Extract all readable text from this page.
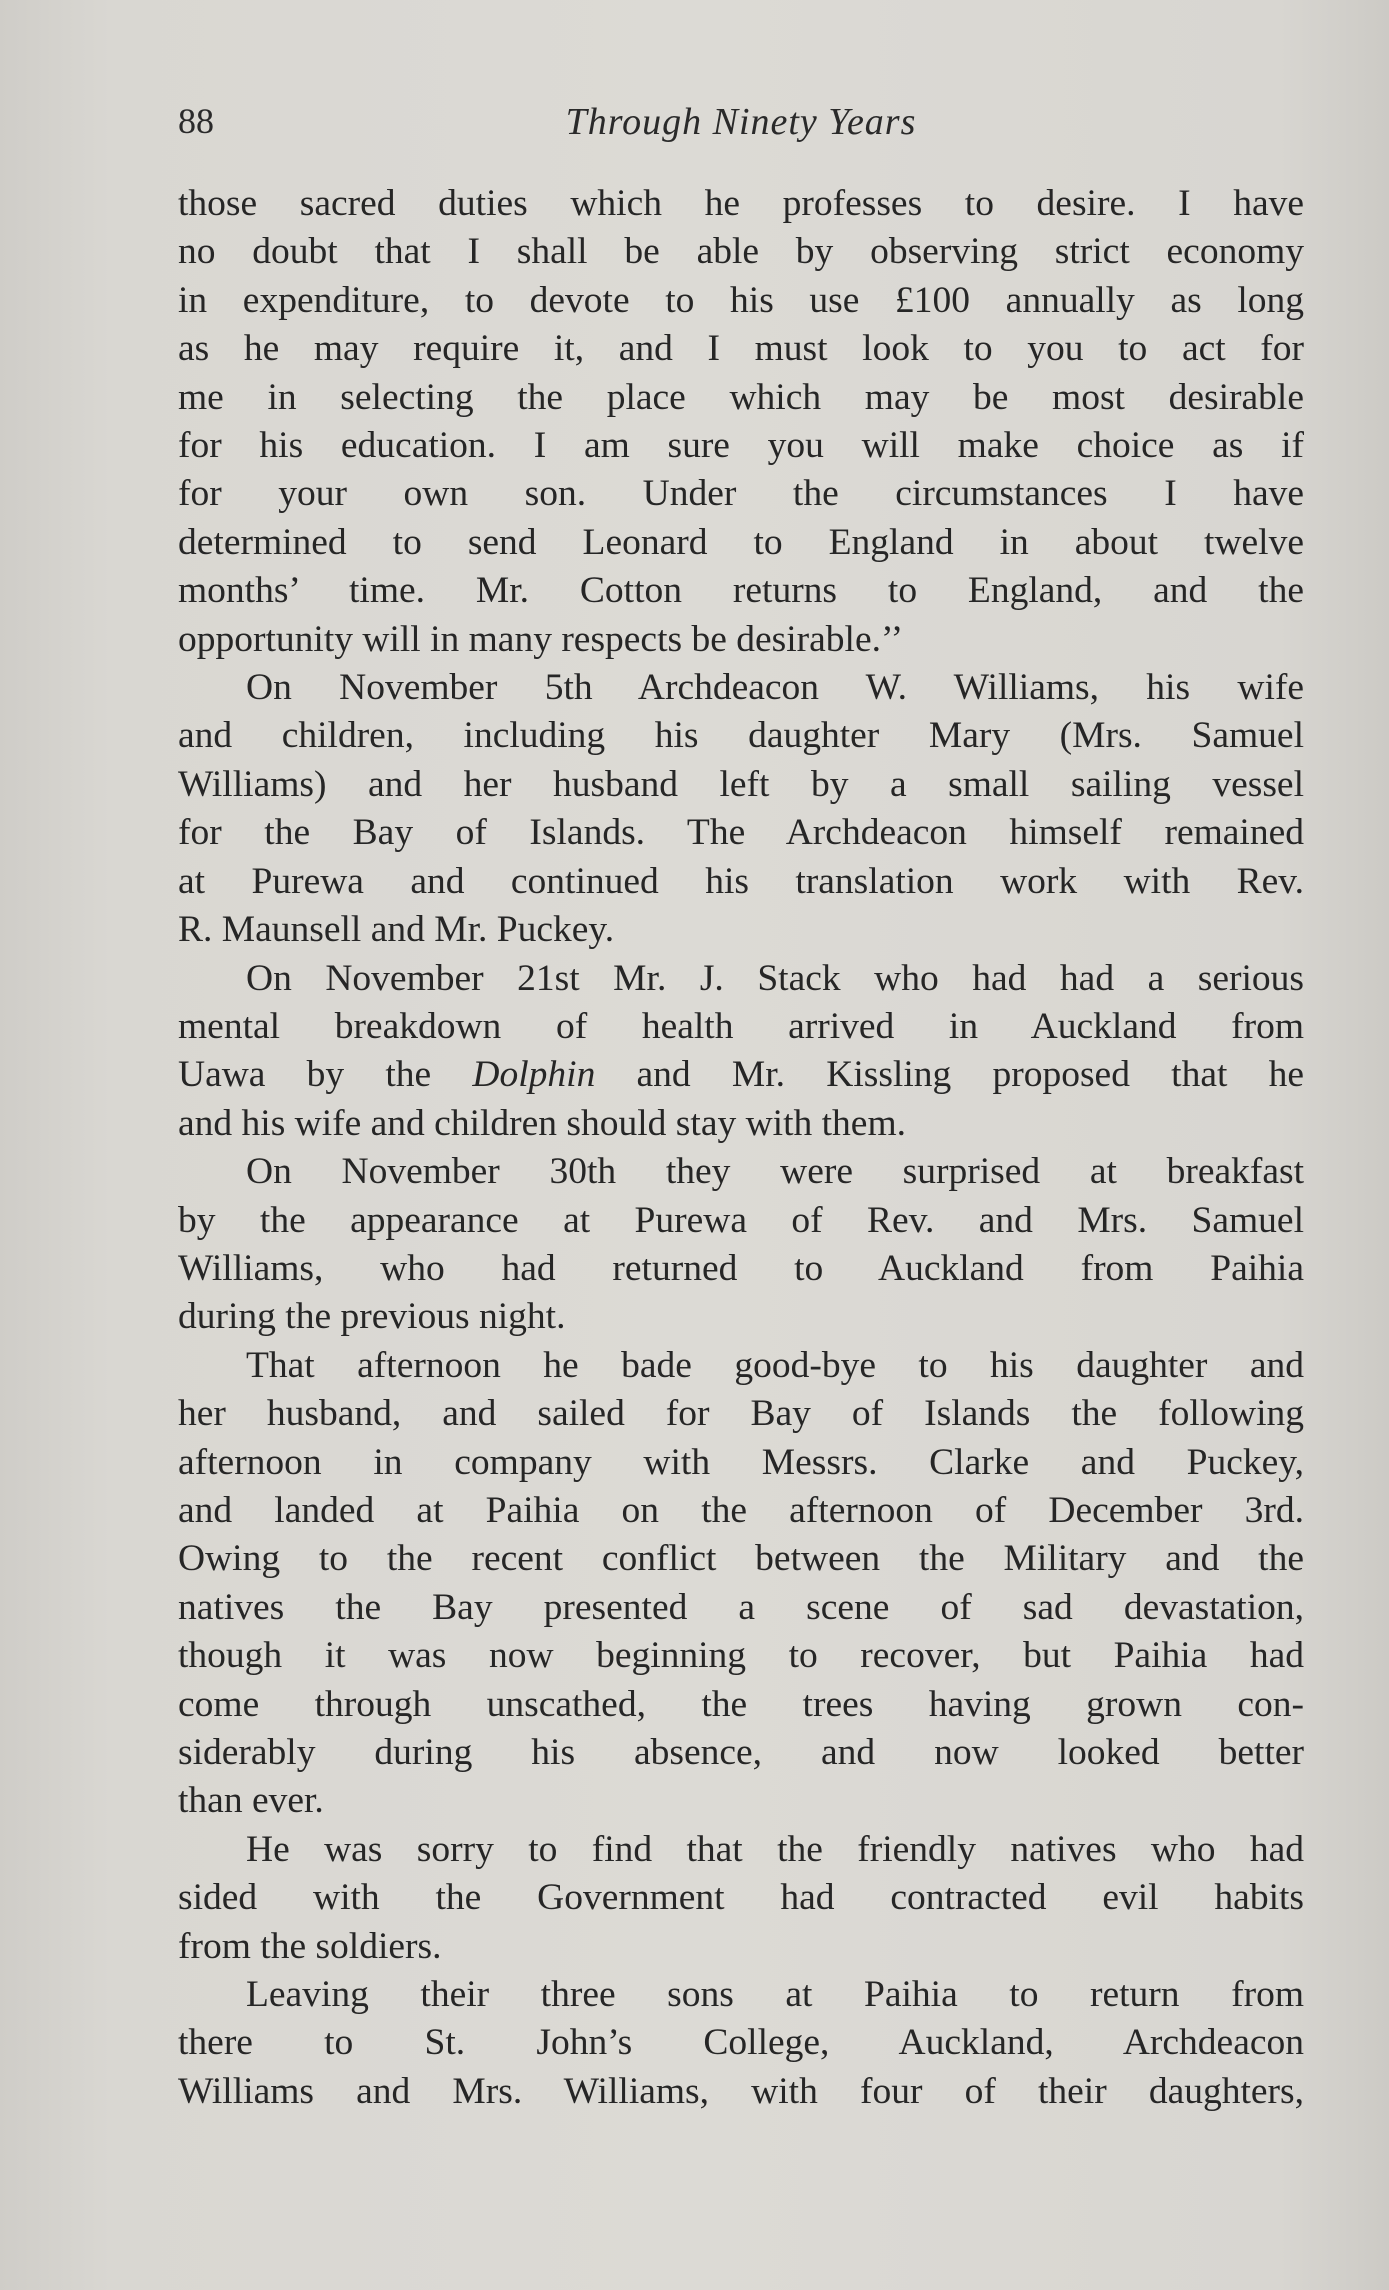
88	Through Ninety Years

those sacred duties which he professes to desire. I have
no doubt that I shall be able by observing strict economy
in expenditure, to devote to his use £100 annually as long
as he may require it, and I must look to you to act for
me in selecting the place which may be most desirable
for his education. I am sure you will make choice as if
for your own son. Under the circumstances I have
determined to send Leonard to England in about twelve
months’ time. Mr. Cotton returns to England, and the
opportunity will in many respects be desirable.’’

On November 5th Archdeacon W. Williams, his wife
and children, including his daughter Mary (Mrs. Samuel
Williams) and her husband left by a small sailing vessel
for the Bay of Islands. The Archdeacon himself remained
at Purewa and continued his translation work with Rev.
R. Maunsell and Mr. Puckey.

On November 21st Mr. J. Stack who had had a serious
mental breakdown of health arrived in Auckland from
Uawa by the Dolphin and Mr. Kissling proposed that he
and his wife and children should stay with them.

On November 30th they were surprised at breakfast
by the appearance at Purewa of Rev. and Mrs. Samuel
Williams, who had returned to Auckland from Paihia
during the previous night.

That afternoon he bade good-bye to his daughter and
her husband, and sailed for Bay of Islands the following
afternoon in company with Messrs. Clarke and Puckey,
and landed at Paihia on the afternoon of December 3rd.
Owing to the recent conflict between the Military and the
natives the Bay presented a scene of sad devastation,
though it was now beginning to recover, but Paihia had
come through unscathed, the trees having grown con-
siderably during his absence, and now looked better
than ever.

He was sorry to find that the friendly natives who had
sided with the Government had contracted evil habits
from the soldiers.

Leaving their three sons at Paihia to return from
there to St. John’s College, Auckland, Archdeacon
Williams and Mrs. Williams, with four of their daughters,
